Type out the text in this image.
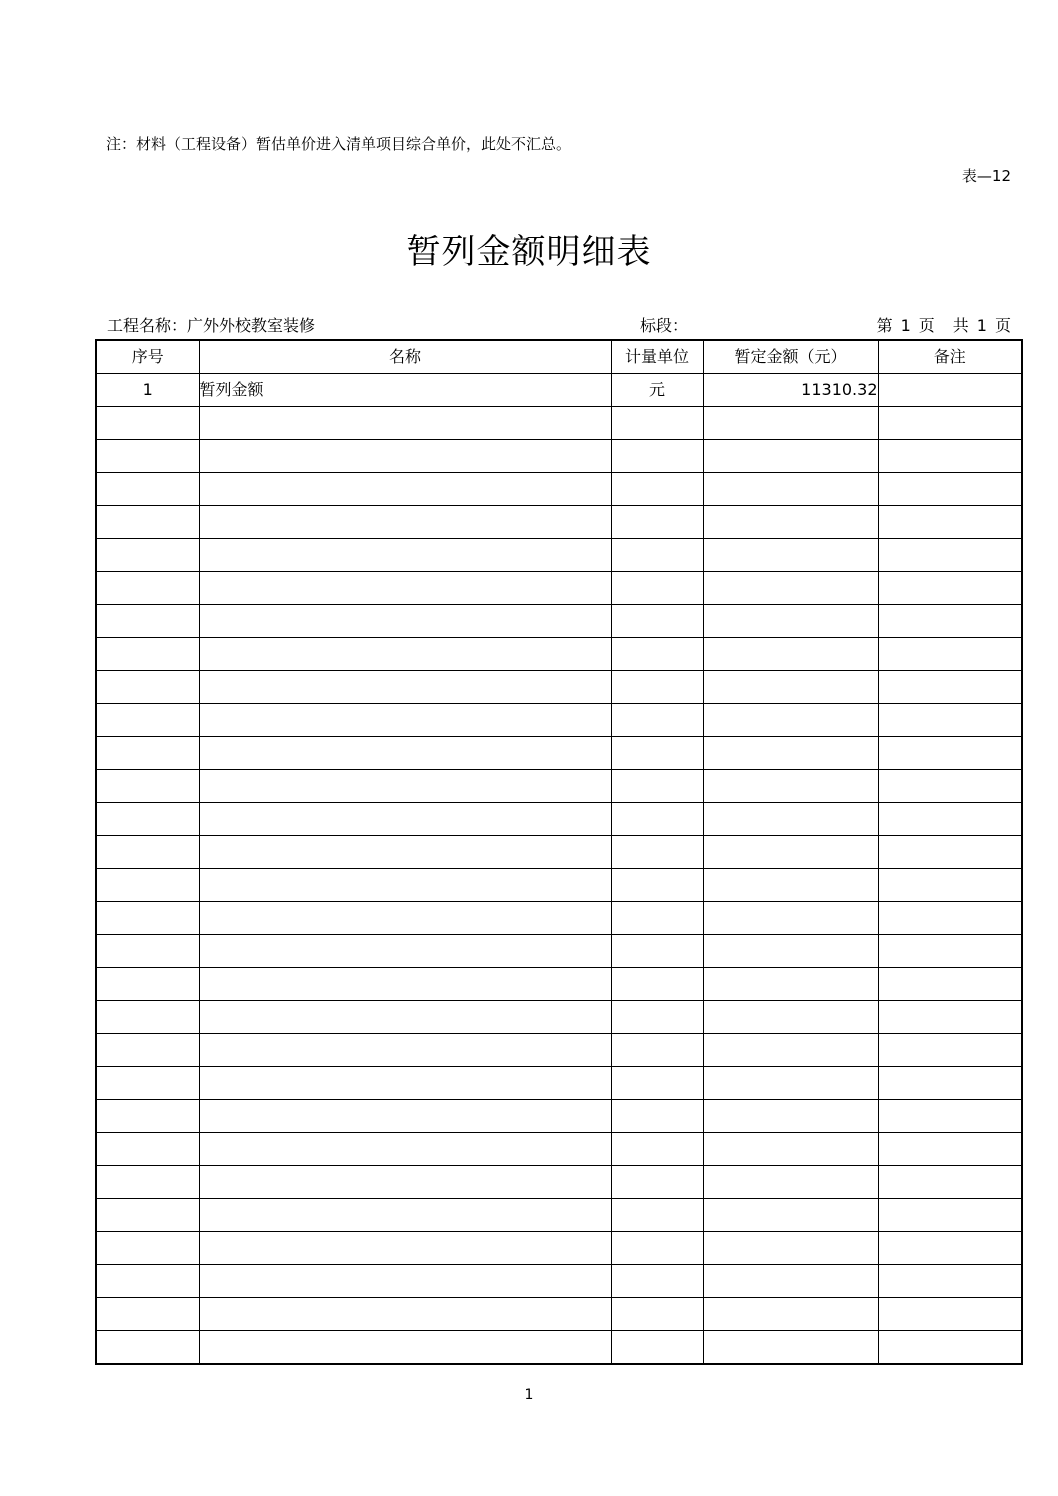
注：材料（工程设备）暂估单价进入清单项目综合单价，此处不汇总。
表—12
暂列金额明细表
工程名称：广外外校教室装修	标段：	第 1 页 共 1 页
序号	名称	计量单位	暂定金额（元）	备注
1	暂列金额	元	11310.32	

1
